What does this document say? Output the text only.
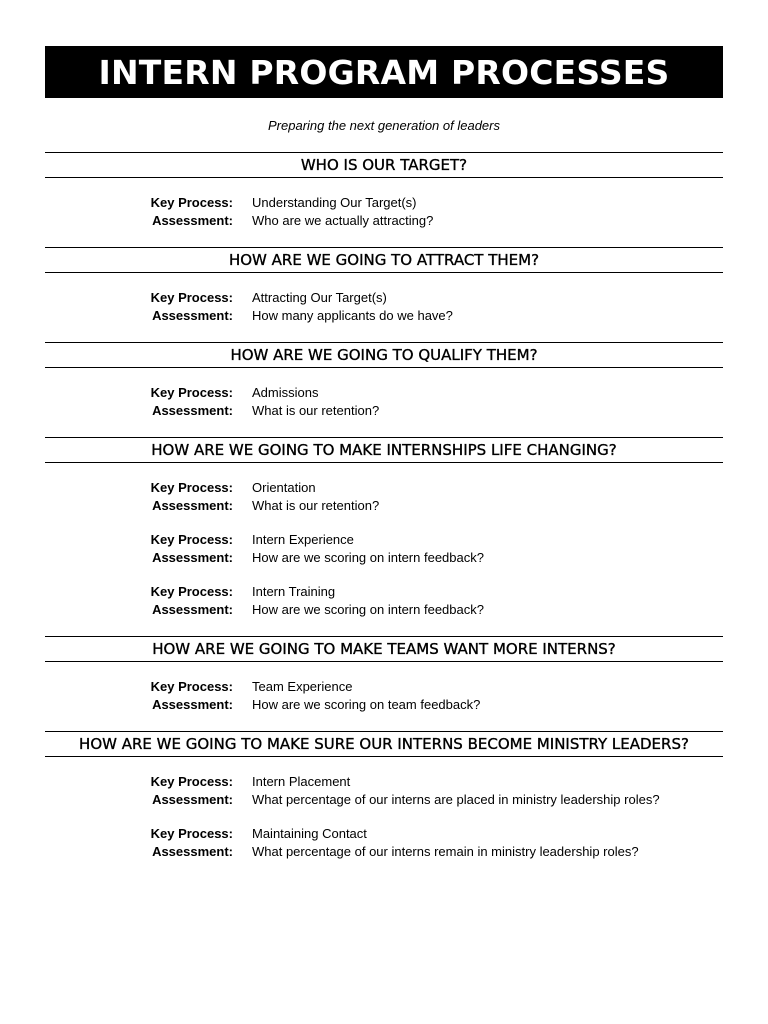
INTERN PROGRAM PROCESSES
Preparing the next generation of leaders
WHO IS OUR TARGET?
Key Process:	Understanding Our Target(s)
Assessment:	Who are we actually attracting?
HOW ARE WE GOING TO ATTRACT THEM?
Key Process:	Attracting Our Target(s)
Assessment:	How many applicants do we have?
HOW ARE WE GOING TO QUALIFY THEM?
Key Process:	Admissions
Assessment:	What is our retention?
HOW ARE WE GOING TO MAKE INTERNSHIPS LIFE CHANGING?
Key Process:	Orientation
Assessment:	What is our retention?
Key Process:	Intern Experience
Assessment:	How are we scoring on intern feedback?
Key Process:	Intern Training
Assessment:	How are we scoring on intern feedback?
HOW ARE WE GOING TO MAKE TEAMS WANT MORE INTERNS?
Key Process:	Team Experience
Assessment:	How are we scoring on team feedback?
HOW ARE WE GOING TO MAKE SURE OUR INTERNS BECOME MINISTRY LEADERS?
Key Process:	Intern Placement
Assessment:	What percentage of our interns are placed in ministry leadership roles?
Key Process:	Maintaining Contact
Assessment:	What percentage of our interns remain in ministry leadership roles?
